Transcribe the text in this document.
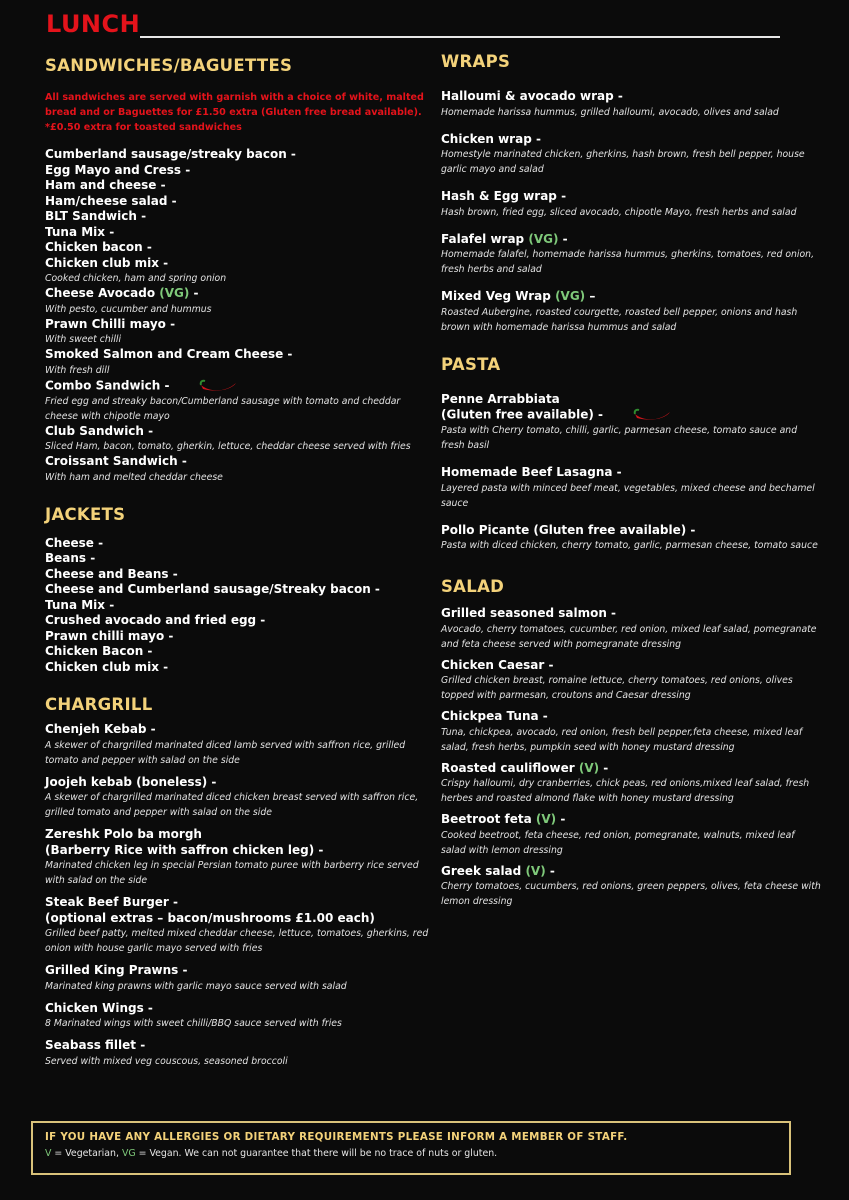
LUNCH
SANDWICHES/BAGUETTES
All sandwiches are served with garnish with a choice of white, malted bread and or Baguettes for £1.50 extra (Gluten free bread available). *£0.50 extra for toasted sandwiches
Cumberland sausage/streaky bacon -
Egg Mayo and Cress -
Ham and cheese -
Ham/cheese salad -
BLT Sandwich -
Tuna Mix -
Chicken bacon -
Chicken club mix -
Cooked chicken, ham and spring onion
Cheese Avocado (VG) -
With pesto, cucumber and hummus
Prawn Chilli mayo -
With sweet chilli
Smoked Salmon and Cream Cheese -
With fresh dill
Combo Sandwich -
Fried egg and streaky bacon/Cumberland sausage with tomato and cheddar cheese with chipotle mayo
Club Sandwich -
Sliced Ham, bacon, tomato, gherkin, lettuce, cheddar cheese served with fries
Croissant Sandwich -
With ham and melted cheddar cheese
JACKETS
Cheese -
Beans -
Cheese and Beans -
Cheese and Cumberland sausage/Streaky bacon -
Tuna Mix -
Crushed avocado and fried egg -
Prawn chilli mayo -
Chicken Bacon -
Chicken club mix -
CHARGRILL
Chenjeh Kebab -
A skewer of chargrilled marinated diced lamb served with saffron rice, grilled tomato and pepper with salad on the side
Joojeh kebab (boneless) -
A skewer of chargrilled marinated diced chicken breast served with saffron rice, grilled tomato and pepper with salad on the side
Zereshk Polo ba morgh
(Barberry Rice with saffron chicken leg) -
Marinated chicken leg in special Persian tomato puree with barberry rice served with salad on the side
Steak Beef Burger -
(optional extras – bacon/mushrooms £1.00 each)
Grilled beef patty, melted mixed cheddar cheese, lettuce, tomatoes, gherkins, red onion with house garlic mayo served with fries
Grilled King Prawns -
Marinated king prawns with garlic mayo sauce served with salad
Chicken Wings -
8 Marinated wings with sweet chilli/BBQ sauce served with fries
Seabass fillet -
Served with mixed veg couscous, seasoned broccoli
WRAPS
Halloumi & avocado wrap -
Homemade harissa hummus, grilled halloumi, avocado, olives and salad
Chicken wrap -
Homestyle marinated chicken, gherkins, hash brown, fresh bell pepper, house garlic mayo and salad
Hash & Egg wrap -
Hash brown, fried egg, sliced avocado, chipotle Mayo, fresh herbs and salad
Falafel wrap (VG) -
Homemade falafel, homemade harissa hummus, gherkins, tomatoes, red onion, fresh herbs and salad
Mixed Veg Wrap (VG) –
Roasted Aubergine, roasted courgette, roasted bell pepper, onions and hash brown with homemade harissa hummus and salad
PASTA
Penne Arrabbiata
(Gluten free available) -
Pasta with Cherry tomato, chilli, garlic, parmesan cheese, tomato sauce and fresh basil
Homemade Beef Lasagna -
Layered pasta with minced beef meat, vegetables, mixed cheese and bechamel sauce
Pollo Picante (Gluten free available) -
Pasta with diced chicken, cherry tomato, garlic, parmesan cheese, tomato sauce
SALAD
Grilled seasoned salmon -
Avocado, cherry tomatoes, cucumber, red onion, mixed leaf salad, pomegranate and feta cheese served with pomegranate dressing
Chicken Caesar -
Grilled chicken breast, romaine lettuce, cherry tomatoes, red onions, olives topped with parmesan, croutons and Caesar dressing
Chickpea Tuna -
Tuna, chickpea, avocado, red onion, fresh bell pepper,feta cheese, mixed leaf salad, fresh herbs, pumpkin seed with honey mustard dressing
Roasted cauliflower (V) -
Crispy halloumi, dry cranberries, chick peas, red onions,mixed leaf salad, fresh herbes and roasted almond flake with honey mustard dressing
Beetroot feta (V) -
Cooked beetroot, feta cheese, red onion, pomegranate, walnuts, mixed leaf salad with lemon dressing
Greek salad (V) -
Cherry tomatoes, cucumbers, red onions, green peppers, olives, feta cheese with lemon dressing
IF YOU HAVE ANY ALLERGIES OR DIETARY REQUIREMENTS PLEASE INFORM A MEMBER OF STAFF.
V = Vegetarian, VG = Vegan. We can not guarantee that there will be no trace of nuts or gluten.
